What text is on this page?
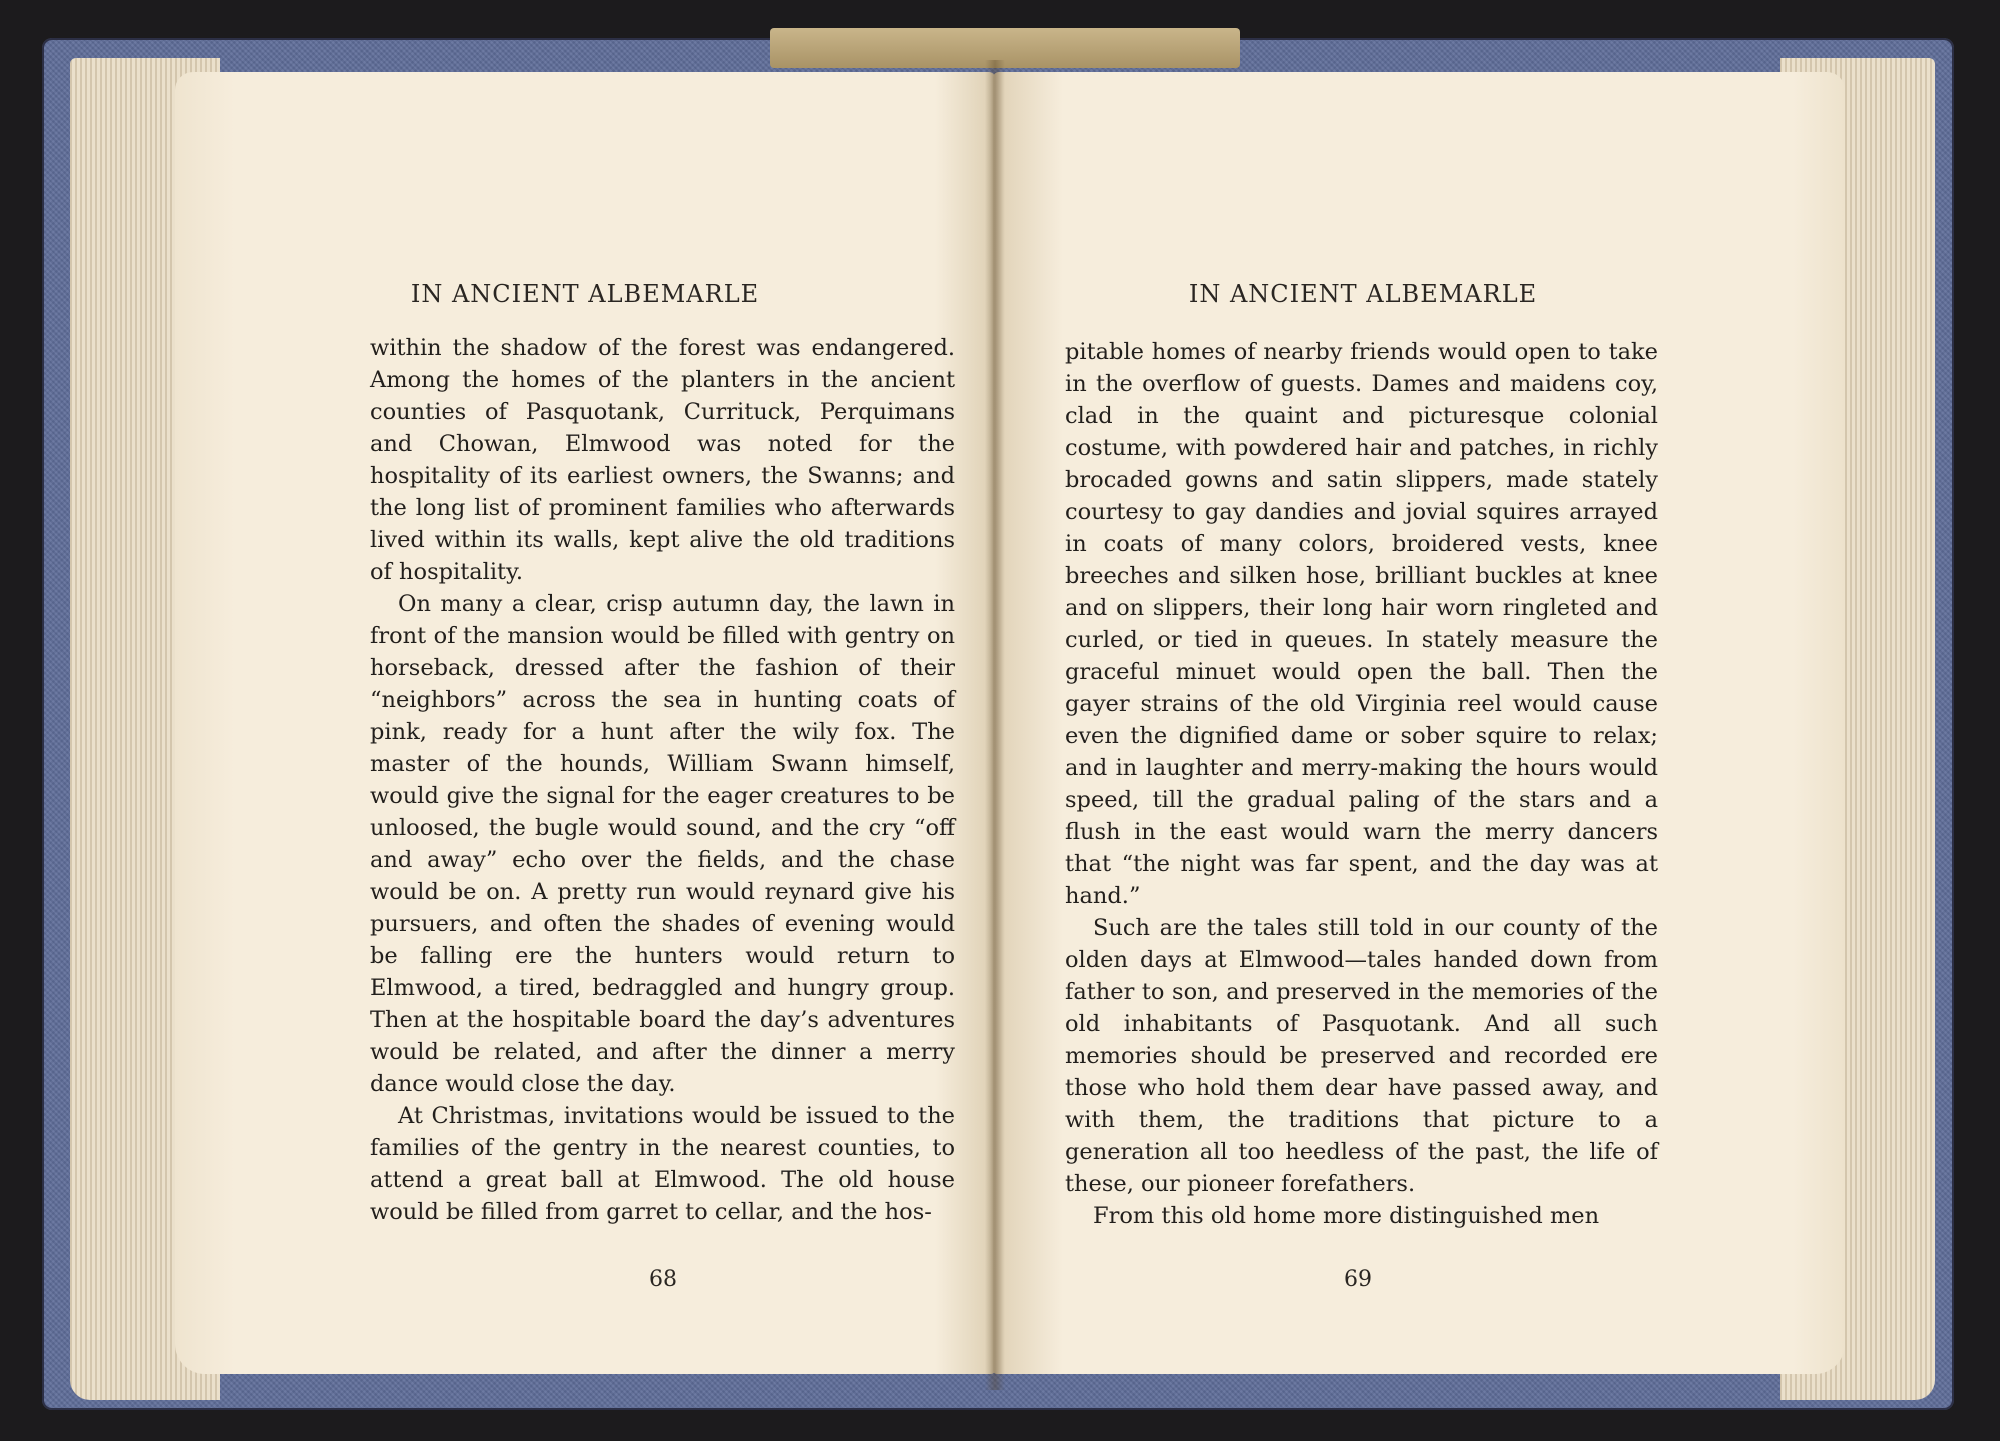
IN ANCIENT ALBEMARLE

within the shadow of the forest was endangered. Among the homes of the planters in the ancient counties of Pasquotank, Currituck, Perquimans and Chowan, Elmwood was noted for the hospitality of its earliest owners, the Swanns; and the long list of prominent families who afterwards lived within its walls, kept alive the old traditions of hospitality.

On many a clear, crisp autumn day, the lawn in front of the mansion would be filled with gentry on horseback, dressed after the fashion of their “neighbors” across the sea in hunting coats of pink, ready for a hunt after the wily fox. The master of the hounds, William Swann himself, would give the signal for the eager creatures to be unloosed, the bugle would sound, and the cry “off and away” echo over the fields, and the chase would be on. A pretty run would reynard give his pursuers, and often the shades of evening would be falling ere the hunters would return to Elmwood, a tired, bedraggled and hungry group. Then at the hospitable board the day’s adventures would be related, and after the dinner a merry dance would close the day.

At Christmas, invitations would be issued to the families of the gentry in the nearest counties, to attend a great ball at Elmwood. The old house would be filled from garret to cellar, and the hos-

68
IN ANCIENT ALBEMARLE

pitable homes of nearby friends would open to take in the overflow of guests. Dames and maidens coy, clad in the quaint and picturesque colonial costume, with powdered hair and patches, in richly brocaded gowns and satin slippers, made stately courtesy to gay dandies and jovial squires arrayed in coats of many colors, broidered vests, knee breeches and silken hose, brilliant buckles at knee and on slippers, their long hair worn ringleted and curled, or tied in queues. In stately measure the graceful minuet would open the ball. Then the gayer strains of the old Virginia reel would cause even the dignified dame or sober squire to relax; and in laughter and merry-making the hours would speed, till the gradual paling of the stars and a flush in the east would warn the merry dancers that “the night was far spent, and the day was at hand.”

Such are the tales still told in our county of the olden days at Elmwood—tales handed down from father to son, and preserved in the memories of the old inhabitants of Pasquotank. And all such memories should be preserved and recorded ere those who hold them dear have passed away, and with them, the traditions that picture to a generation all too heedless of the past, the life of these, our pioneer forefathers.

From this old home more distinguished men

69
